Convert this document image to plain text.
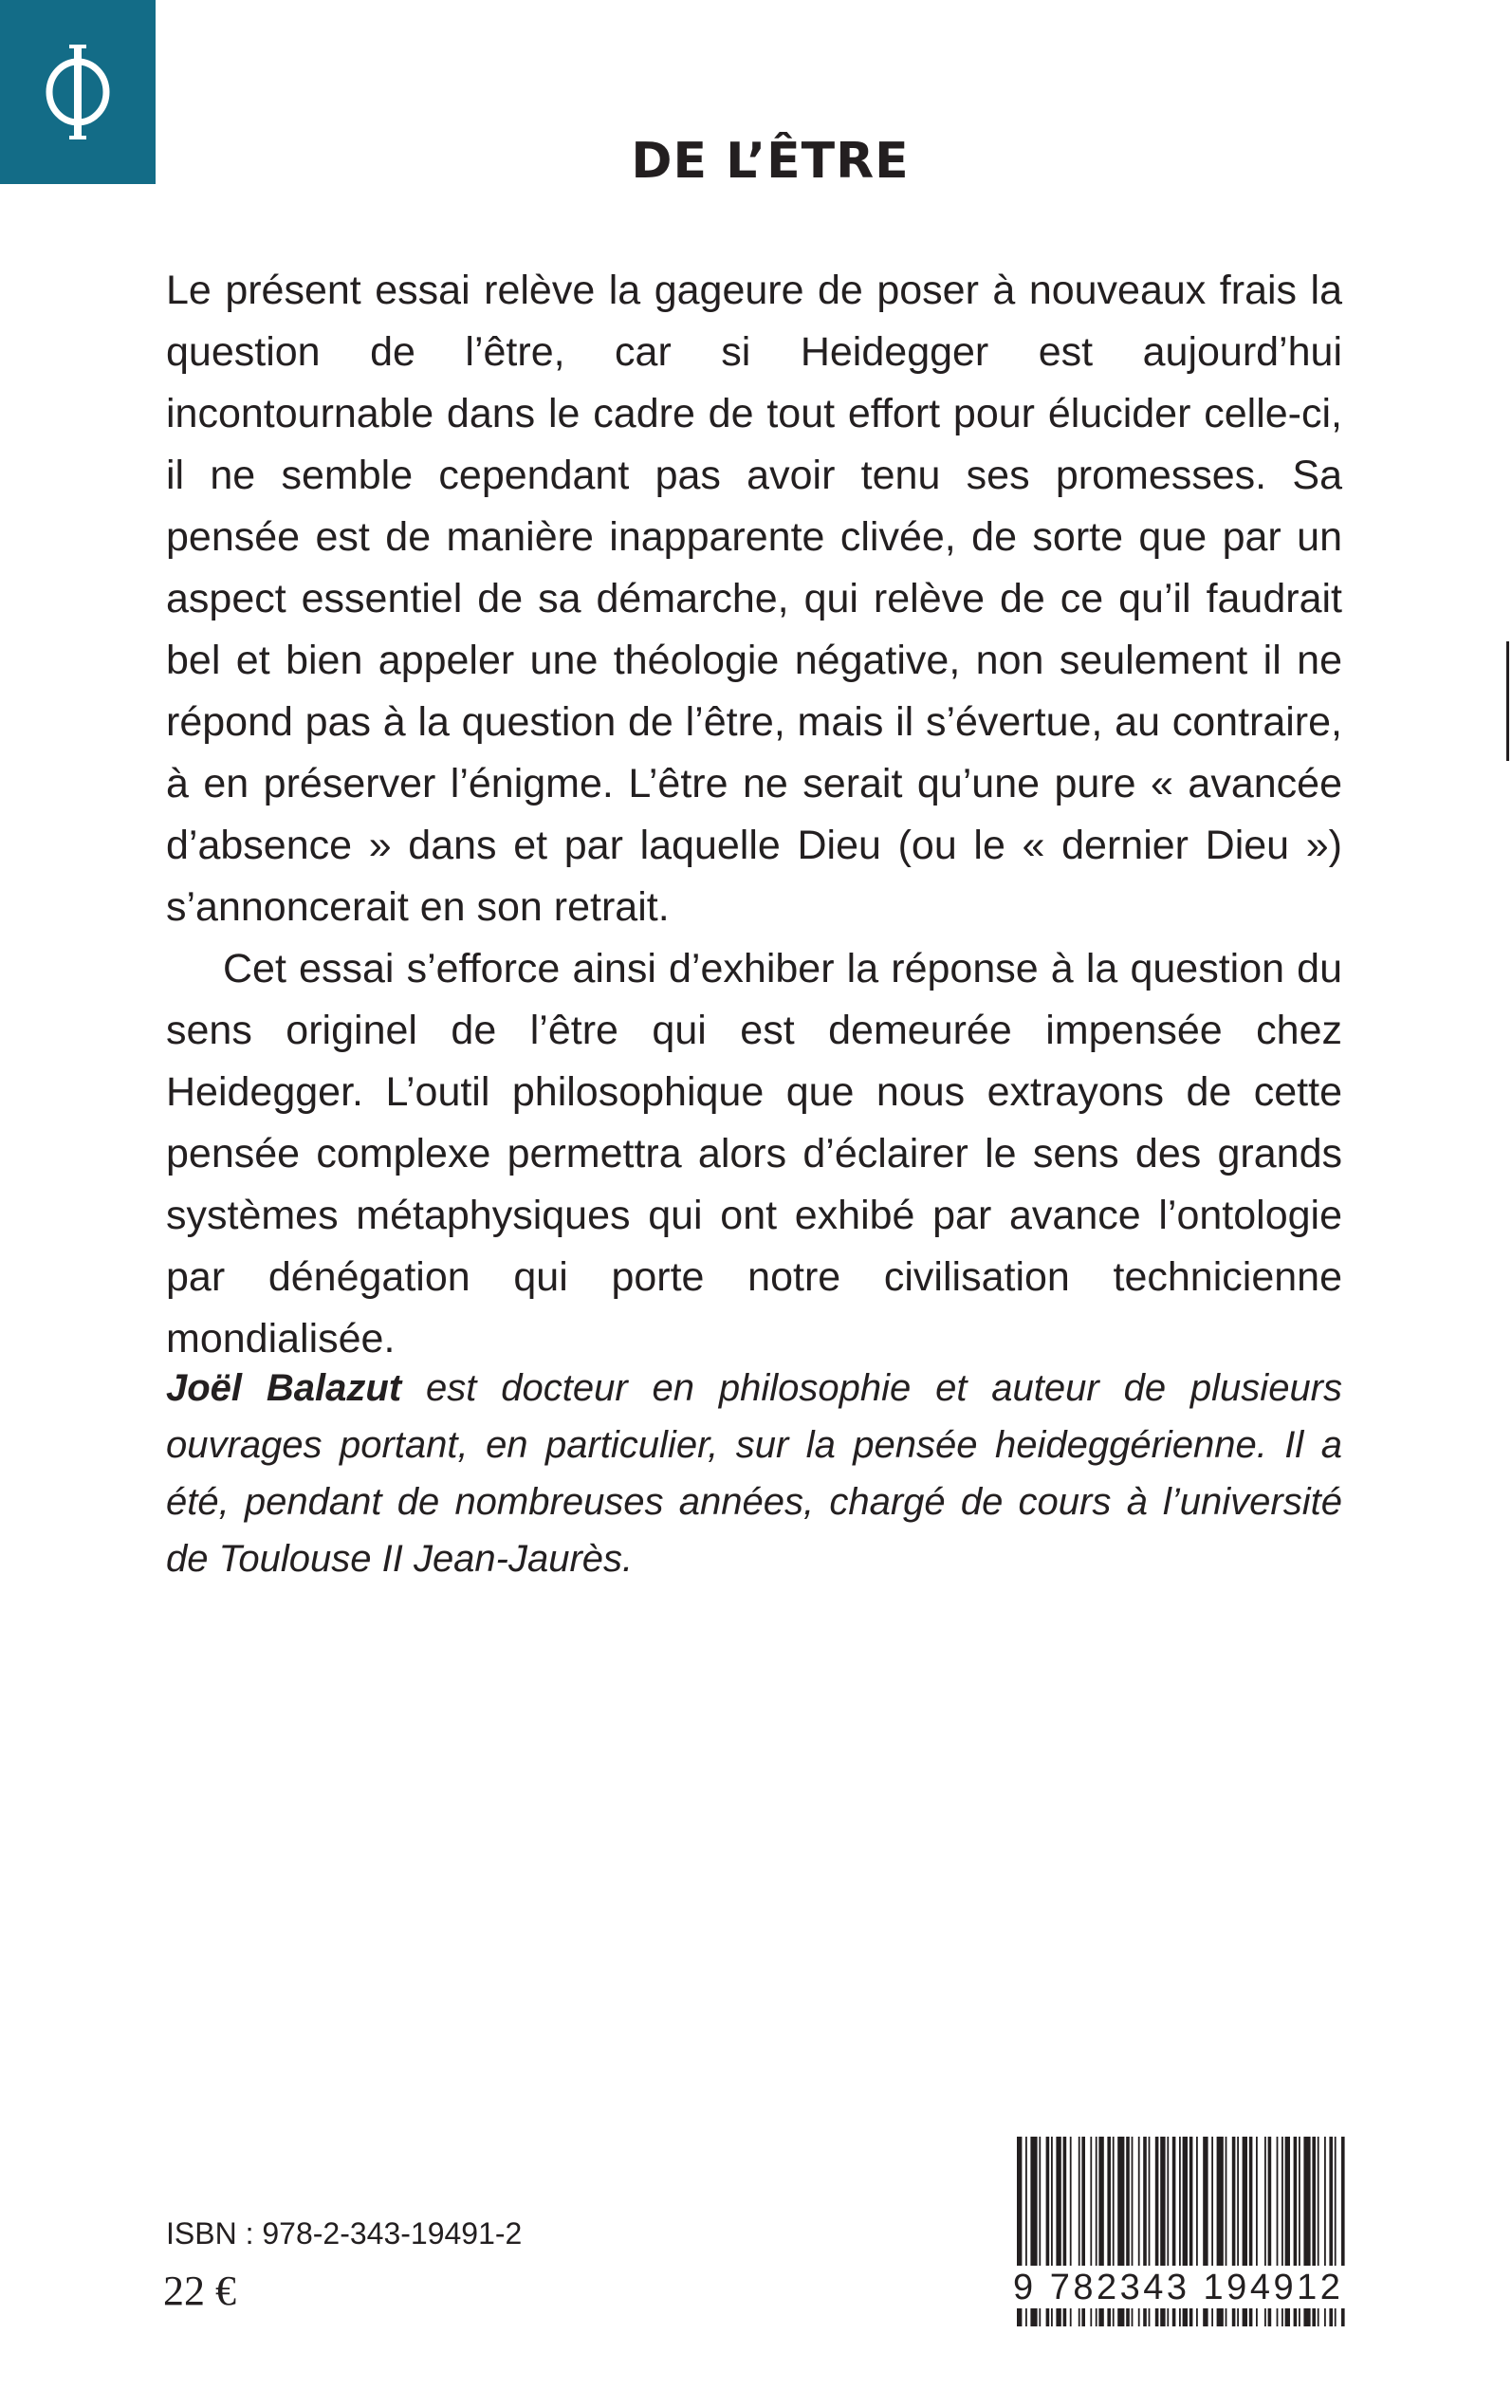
DE L’ÊTRE

Le présent essai relève la gageure de poser à nouveaux frais la question de l’être, car si Heidegger est aujourd’hui incontournable dans le cadre de tout effort pour élucider celle-ci, il ne semble cependant pas avoir tenu ses promesses. Sa pensée est de manière inapparente clivée, de sorte que par un aspect essentiel de sa démarche, qui relève de ce qu’il faudrait bel et bien appeler une théologie négative, non seulement il ne répond pas à la question de l’être, mais il s’évertue, au contraire, à en préserver l’énigme. L’être ne serait qu’une pure « avancée d’absence » dans et par laquelle Dieu (ou le « dernier Dieu ») s’annoncerait en son retrait.

Cet essai s’efforce ainsi d’exhiber la réponse à la question du sens originel de l’être qui est demeurée impensée chez Heidegger. L’outil philosophique que nous extrayons de cette pensée complexe permettra alors d’éclairer le sens des grands systèmes métaphysiques qui ont exhibé par avance l’ontologie par dénégation qui porte notre civilisation technicienne mondialisée.

Joël Balazut est docteur en philosophie et auteur de plusieurs ouvrages portant, en particulier, sur la pensée heideggérienne. Il a été, pendant de nombreuses années, chargé de cours à l’université de Toulouse II Jean-Jaurès.
ISBN : 978-2-343-19491-2
22 €	9 782343 194912
